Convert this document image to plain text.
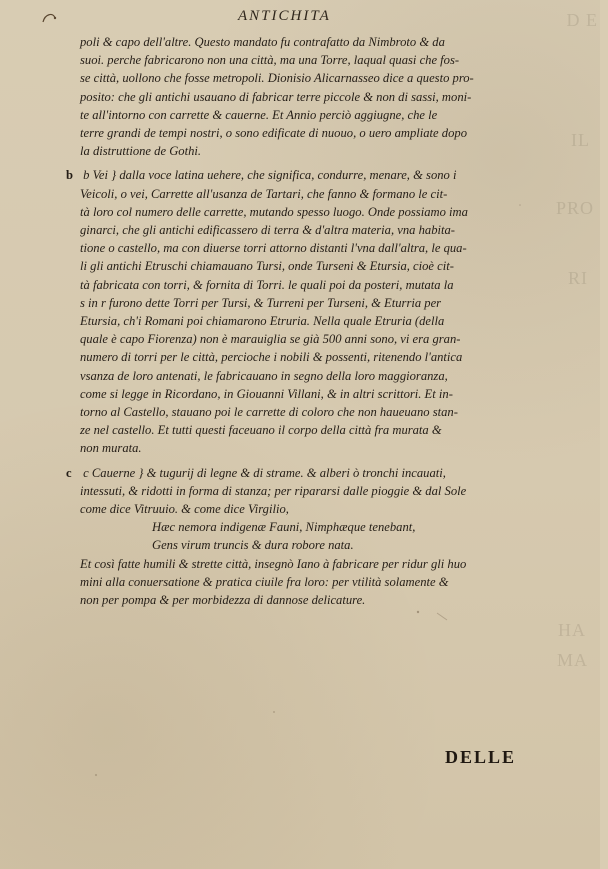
D E
IL
PRO
RI
HA
MA
ANTICHITA
poli & capo dell'altre. Questo mandato fu contrafatto da Nimbroto & da
suoi. perche fabricarono non una città, ma una Torre, laqual quasi che fos-
se città, uollono che fosse metropoli. Dionisio Alicarnasseo dice a questo pro-
posito: che gli antichi usauano di fabricar terre piccole & non di sassi, moni-
te all'intorno con carrette & cauerne. Et Annio perciò aggiugne, che le
terre grandi de tempi nostri, o sono edificate di nuouo, o uero ampliate dopo
la distruttione de Gothi.
b b Vei } dalla voce latina uehere, che significa, condurre, menare, & sono i
Veicoli, o vei, Carrette all'usanza de Tartari, che fanno & formano le cit-
tà loro col numero delle carrette, mutando spesso luogo. Onde possiamo ima
ginarci, che gli antichi edificassero di terra & d'altra materia, vna habita-
tione o castello, ma con diuerse torri attorno distanti l'vna dall'altra, le qua-
li gli antichi Etruschi chiamauano Tursi, onde Turseni & Etursia, cioè cit-
tà fabricata con torri, & fornita di Torri. le quali poi da posteri, mutata la
s in r furono dette Torri per Tursi, & Turreni per Turseni, & Eturria per
Etursia, ch'i Romani poi chiamarono Etruria. Nella quale Etruria (della
quale è capo Fiorenza) non è marauiglia se già 500 anni sono, vi era gran-
numero di torri per le città, percioche i nobili & possenti, ritenendo l'antica
vsanza de loro antenati, le fabricauano in segno della loro maggioranza,
come si legge in Ricordano, in Giouanni Villani, & in altri scrittori. Et in-
torno al Castello, stauano poi le carrette di coloro che non haueuano stan-
ze nel castello. Et tutti questi faceuano il corpo della città fra murata &
non murata.
c c Cauerne } & tugurij di legne & di strame. & alberi ò tronchi incauati,
intessuti, & ridotti in forma di stanza; per ripararsi dalle pioggie & dal Sole
come dice Vitruuio. & come dice Virgilio,
Hæc nemora indigenæ Fauni, Nimphæque tenebant,
Gens virum truncis & dura robore nata.
Et così fatte humili & strette città, insegnò Iano à fabricare per ridur gli huo
mini alla conuersatione & pratica ciuile fra loro: per vtilità solamente &
non per pompa & per morbidezza di dannose delicature.
DELLE
